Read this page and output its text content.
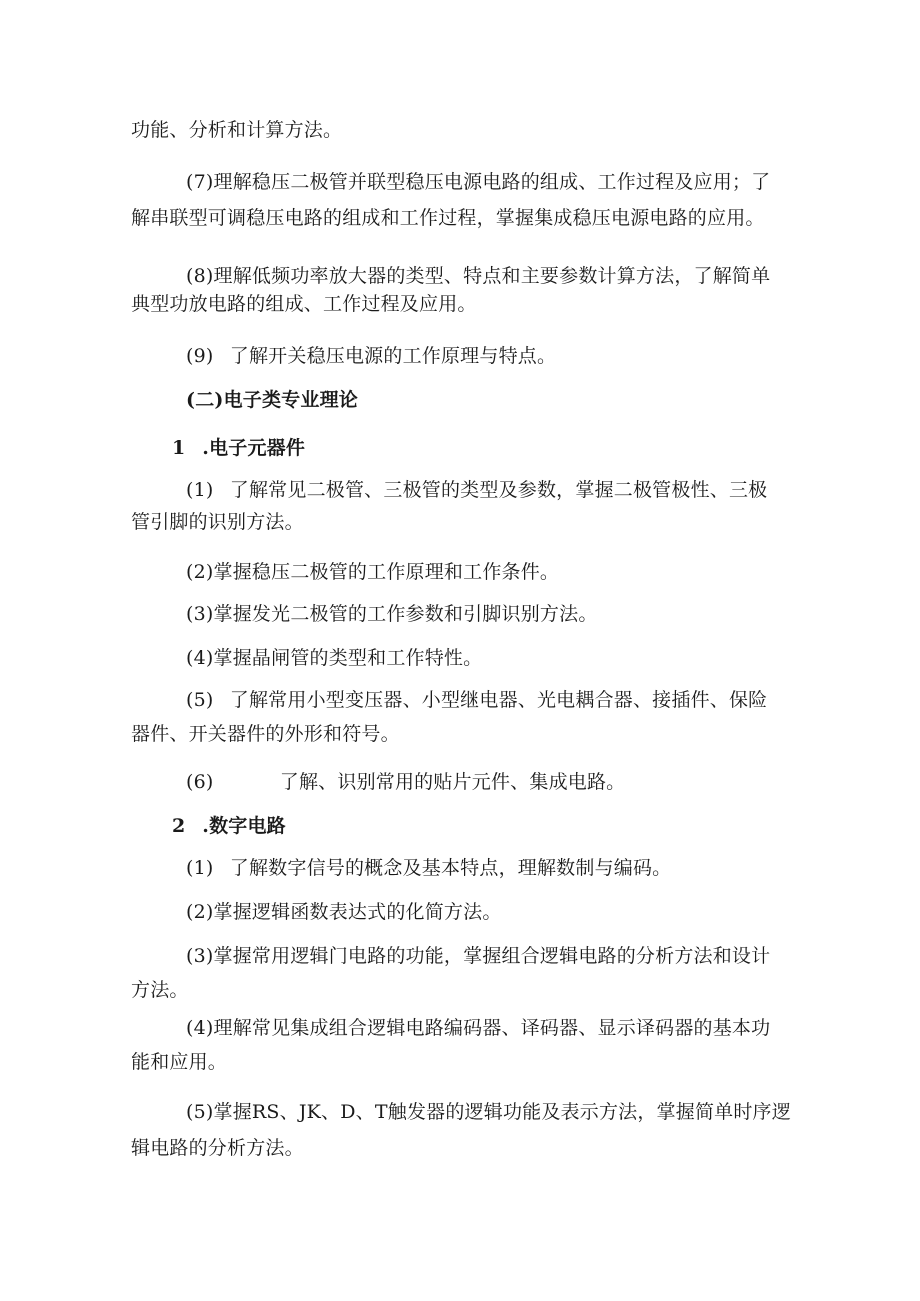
功能、分析和计算方法。
(7)理解稳压二极管并联型稳压电源电路的组成、工作过程及应用；了
解串联型可调稳压电路的组成和工作过程，掌握集成稳压电源电路的应用。
(8)理解低频功率放大器的类型、特点和主要参数计算方法，了解简单
典型功放电路的组成、工作过程及应用。
(9) 了解开关稳压电源的工作原理与特点。
(二)电子类专业理论
1 .电子元器件
(1) 了解常见二极管、三极管的类型及参数，掌握二极管极性、三极
管引脚的识别方法。
(2)掌握稳压二极管的工作原理和工作条件。
(3)掌握发光二极管的工作参数和引脚识别方法。
(4)掌握晶闸管的类型和工作特性。
(5) 了解常用小型变压器、小型继电器、光电耦合器、接插件、保险
器件、开关器件的外形和符号。
(6)	了解、识别常用的贴片元件、集成电路。
2 .数字电路
(1) 了解数字信号的概念及基本特点，理解数制与编码。
(2)掌握逻辑函数表达式的化简方法。
(3)掌握常用逻辑门电路的功能，掌握组合逻辑电路的分析方法和设计
方法。
(4)理解常见集成组合逻辑电路编码器、译码器、显示译码器的基本功
能和应用。
(5)掌握RS、JK、D、T触发器的逻辑功能及表示方法，掌握简单时序逻
辑电路的分析方法。
